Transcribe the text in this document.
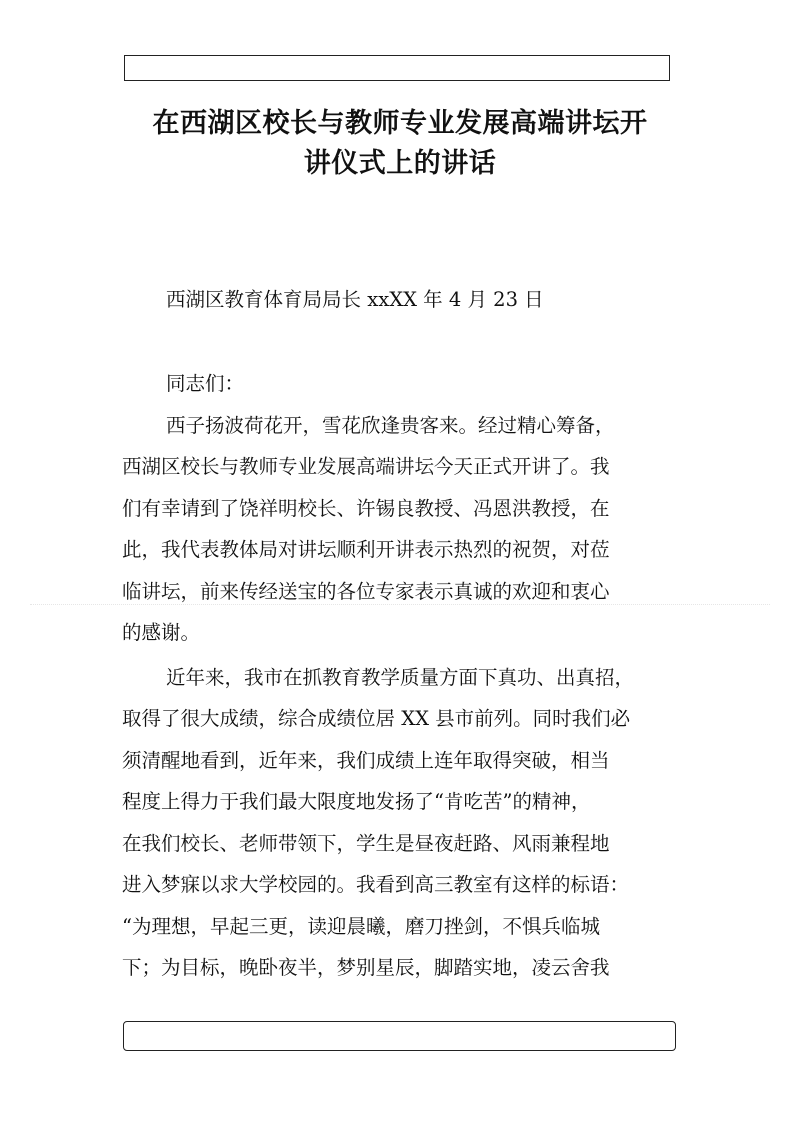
在西湖区校长与教师专业发展高端讲坛开
讲仪式上的讲话
西湖区教育体育局局长 xxXX 年 4 月 23 日
同志们：
西子扬波荷花开，雪花欣逢贵客来。经过精心筹备，
西湖区校长与教师专业发展高端讲坛今天正式开讲了。我
们有幸请到了饶祥明校长、许锡良教授、冯恩洪教授，在
此，我代表教体局对讲坛顺利开讲表示热烈的祝贺，对莅
临讲坛，前来传经送宝的各位专家表示真诚的欢迎和衷心
的感谢。
近年来，我市在抓教育教学质量方面下真功、出真招，
取得了很大成绩，综合成绩位居 XX 县市前列。同时我们必
须清醒地看到，近年来，我们成绩上连年取得突破，相当
程度上得力于我们最大限度地发扬了“肯吃苦”的精神，
在我们校长、老师带领下，学生是昼夜赶路、风雨兼程地
进入梦寐以求大学校园的。我看到高三教室有这样的标语：
“为理想，早起三更，读迎晨曦，磨刀挫剑，不惧兵临城
下；为目标，晚卧夜半，梦别星辰，脚踏实地，凌云舍我
